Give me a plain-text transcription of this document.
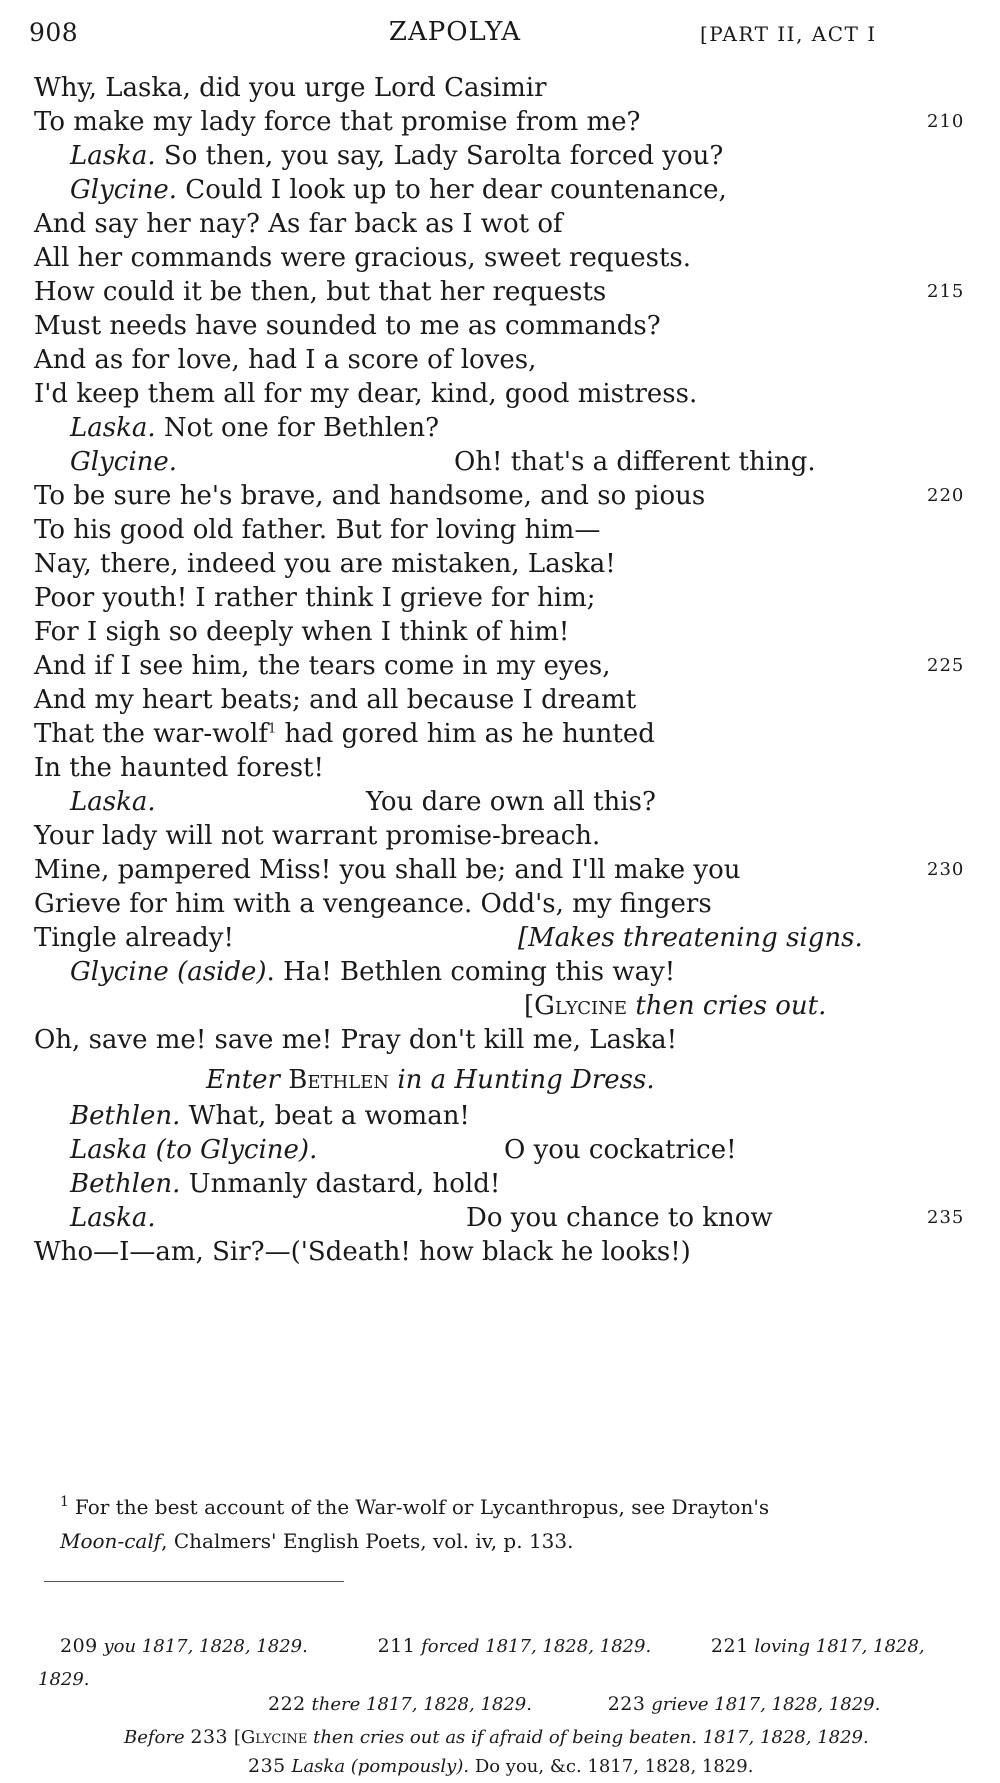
908	ZAPOLYA	[PART II, ACT I
Why, Laska, did you urge Lord Casimir
To make my lady force that promise from me?	210
Laska. So then, you say, Lady Sarolta forced you?
Glycine. Could I look up to her dear countenance,
And say her nay? As far back as I wot of
All her commands were gracious, sweet requests.
How could it be then, but that her requests	215
Must needs have sounded to me as commands?
And as for love, had I a score of loves,
I'd keep them all for my dear, kind, good mistress.
Laska. Not one for Bethlen?
Glycine.	Oh! that's a different thing.
To be sure he's brave, and handsome, and so pious	220
To his good old father. But for loving him—
Nay, there, indeed you are mistaken, Laska!
Poor youth! I rather think I grieve for him;
For I sigh so deeply when I think of him!
And if I see him, the tears come in my eyes,	225
And my heart beats; and all because I dreamt
That the war-wolf$^1$ had gored him as he hunted
In the haunted forest!
Laska.	You dare own all this?
Your lady will not warrant promise-breach.
Mine, pampered Miss! you shall be; and I'll make you	230
Grieve for him with a vengeance. Odd's, my fingers
Tingle already!	[Makes threatening signs.
Glycine (aside). Ha! Bethlen coming this way!
[Glycine then cries out.
Oh, save me! save me! Pray don't kill me, Laska!
Enter Bethlen in a Hunting Dress.
Bethlen. What, beat a woman!
Laska (to Glycine).	O you cockatrice!
Bethlen. Unmanly dastard, hold!
Laska.	Do you chance to know	235
Who—I—am, Sir?—('Sdeath! how black he looks!)
$^1$ For the best account of the War-wolf or Lycanthropus, see Drayton's
Moon-calf, Chalmers' English Poets, vol. iv, p. 133.
209 you 1817, 1828, 1829.	211 forced 1817, 1828, 1829.	221 loving 1817, 1828, 1829.
222 there 1817, 1828, 1829.	223 grieve 1817, 1828, 1829.
Before 233 [Glycine then cries out as if afraid of being beaten. 1817, 1828, 1829.
235 Laska (pompously). Do you, &c. 1817, 1828, 1829.
